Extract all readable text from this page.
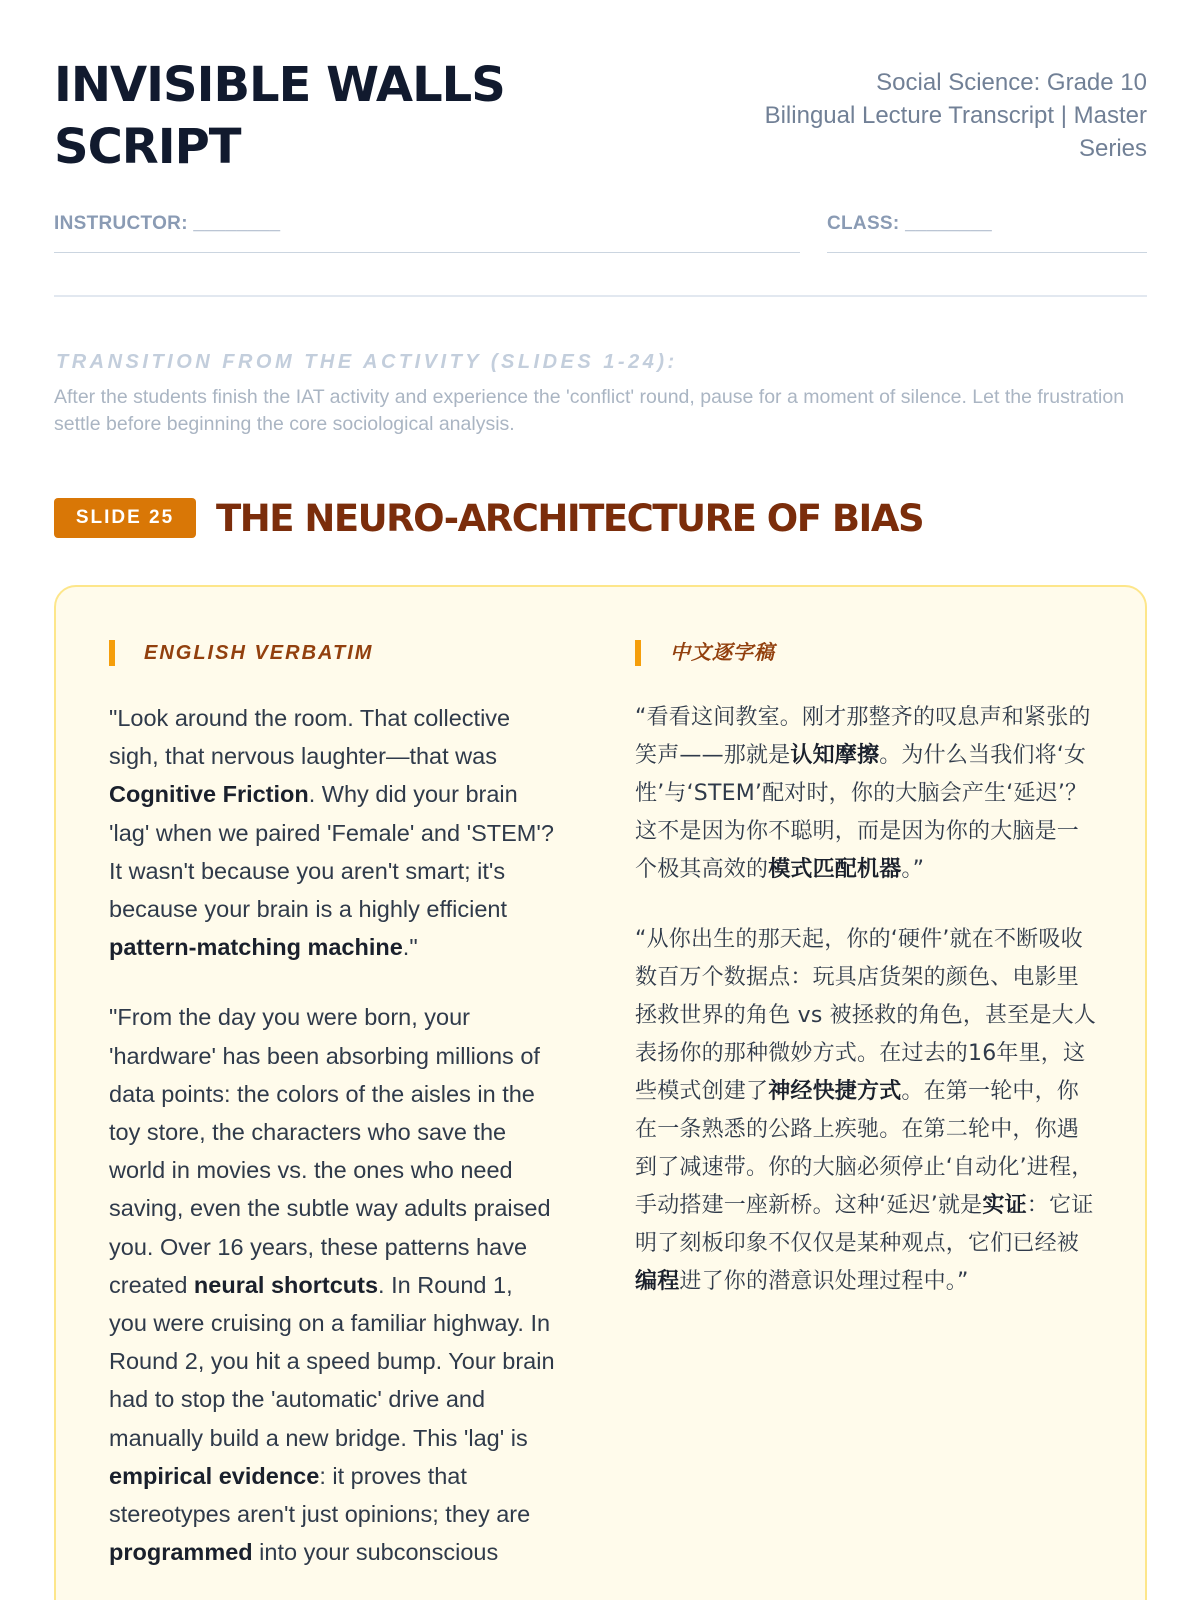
INVISIBLE WALLS SCRIPT
Social Science: Grade 10
Bilingual Lecture Transcript | Master Series
INSTRUCTOR: ________	CLASS: ________
TRANSITION FROM THE ACTIVITY (SLIDES 1-24):
After the students finish the IAT activity and experience the 'conflict' round, pause for a moment of silence. Let the frustration settle before beginning the core sociological analysis.
SLIDE 25	THE NEURO-ARCHITECTURE OF BIAS
ENGLISH VERBATIM	中文逐字稿

"Look around the room. That collective sigh, that nervous laughter—that was Cognitive Friction. Why did your brain 'lag' when we paired 'Female' and 'STEM'? It wasn't because you aren't smart; it's because your brain is a highly efficient pattern-matching machine."

"From the day you were born, your 'hardware' has been absorbing millions of data points: the colors of the aisles in the toy store, the characters who save the world in movies vs. the ones who need saving, even the subtle way adults praised you. Over 16 years, these patterns have created neural shortcuts. In Round 1, you were cruising on a familiar highway. In Round 2, you hit a speed bump. Your brain had to stop the 'automatic' drive and manually build a new bridge. This 'lag' is empirical evidence: it proves that stereotypes aren't just opinions; they are programmed into your subconscious

“看看这间教室。刚才那整齐的叹息声和紧张的笑声——那就是认知摩擦。为什么当我们将‘女性’与‘STEM’配对时，你的大脑会产生‘延迟’？这不是因为你不聪明，而是因为你的大脑是一个极其高效的模式匹配机器。”

“从你出生的那天起，你的‘硬件’就在不断吸收数百万个数据点：玩具店货架的颜色、电影里拯救世界的角色 vs 被拯救的角色，甚至是大人表扬你的那种微妙方式。在过去的16年里，这些模式创建了神经快捷方式。在第一轮中，你在一条熟悉的公路上疾驰。在第二轮中，你遇到了减速带。你的大脑必须停止‘自动化’进程，手动搭建一座新桥。这种‘延迟’就是实证：它证明了刻板印象不仅仅是某种观点，它们已经被编程进了你的潜意识处理过程中。”
